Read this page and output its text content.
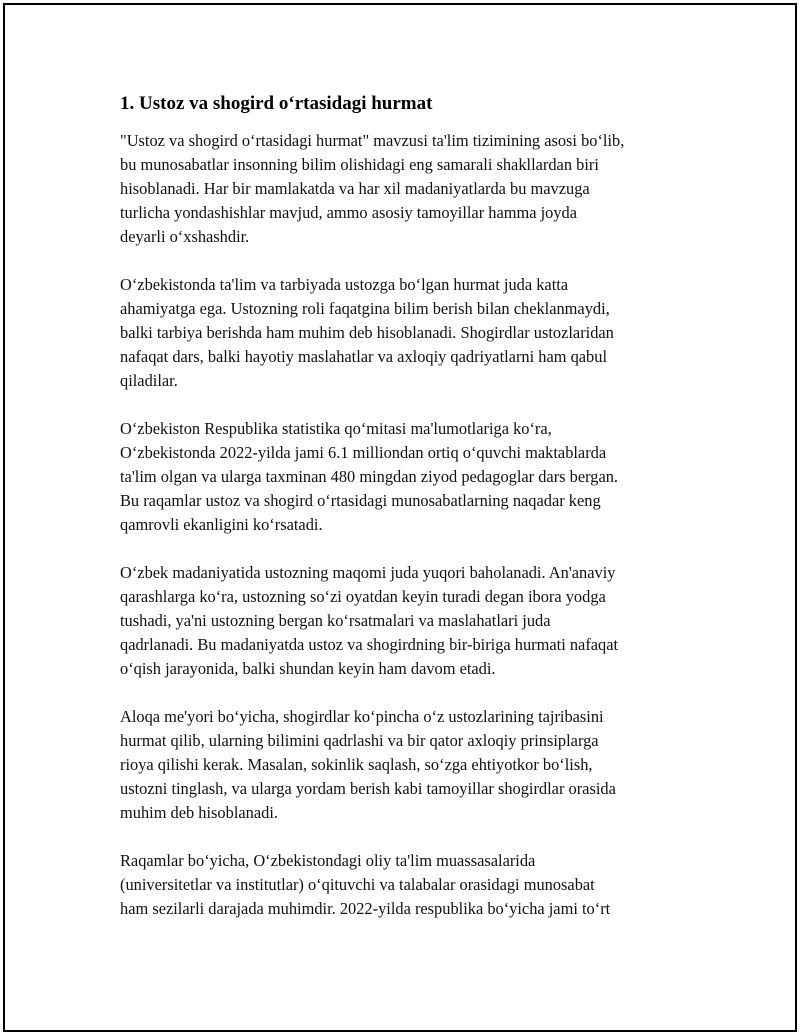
1. Ustoz va shogird o‘rtasidagi hurmat

"Ustoz va shogird o‘rtasidagi hurmat" mavzusi ta'lim tizimining asosi bo‘lib,
bu munosabatlar insonning bilim olishidagi eng samarali shakllardan biri
hisoblanadi. Har bir mamlakatda va har xil madaniyatlarda bu mavzuga
turlicha yondashishlar mavjud, ammo asosiy tamoyillar hamma joyda
deyarli o‘xshashdir.

O‘zbekistonda ta'lim va tarbiyada ustozga bo‘lgan hurmat juda katta
ahamiyatga ega. Ustozning roli faqatgina bilim berish bilan cheklanmaydi,
balki tarbiya berishda ham muhim deb hisoblanadi. Shogirdlar ustozlaridan
nafaqat dars, balki hayotiy maslahatlar va axloqiy qadriyatlarni ham qabul
qiladilar.

O‘zbekiston Respublika statistika qo‘mitasi ma'lumotlariga ko‘ra,
O‘zbekistonda 2022-yilda jami 6.1 milliondan ortiq o‘quvchi maktablarda
ta'lim olgan va ularga taxminan 480 mingdan ziyod pedagoglar dars bergan.
Bu raqamlar ustoz va shogird o‘rtasidagi munosabatlarning naqadar keng
qamrovli ekanligini ko‘rsatadi.

O‘zbek madaniyatida ustozning maqomi juda yuqori baholanadi. An'anaviy
qarashlarga ko‘ra, ustozning so‘zi oyatdan keyin turadi degan ibora yodga
tushadi, ya'ni ustozning bergan ko‘rsatmalari va maslahatlari juda
qadrlanadi. Bu madaniyatda ustoz va shogirdning bir-biriga hurmati nafaqat
o‘qish jarayonida, balki shundan keyin ham davom etadi.

Aloqa me'yori bo‘yicha, shogirdlar ko‘pincha o‘z ustozlarining tajribasini
hurmat qilib, ularning bilimini qadrlashi va bir qator axloqiy prinsiplarga
rioya qilishi kerak. Masalan, sokinlik saqlash, so‘zga ehtiyotkor bo‘lish,
ustozni tinglash, va ularga yordam berish kabi tamoyillar shogirdlar orasida
muhim deb hisoblanadi.

Raqamlar bo‘yicha, O‘zbekistondagi oliy ta'lim muassasalarida
(universitetlar va institutlar) o‘qituvchi va talabalar orasidagi munosabat
ham sezilarli darajada muhimdir. 2022-yilda respublika bo‘yicha jami to‘rt
